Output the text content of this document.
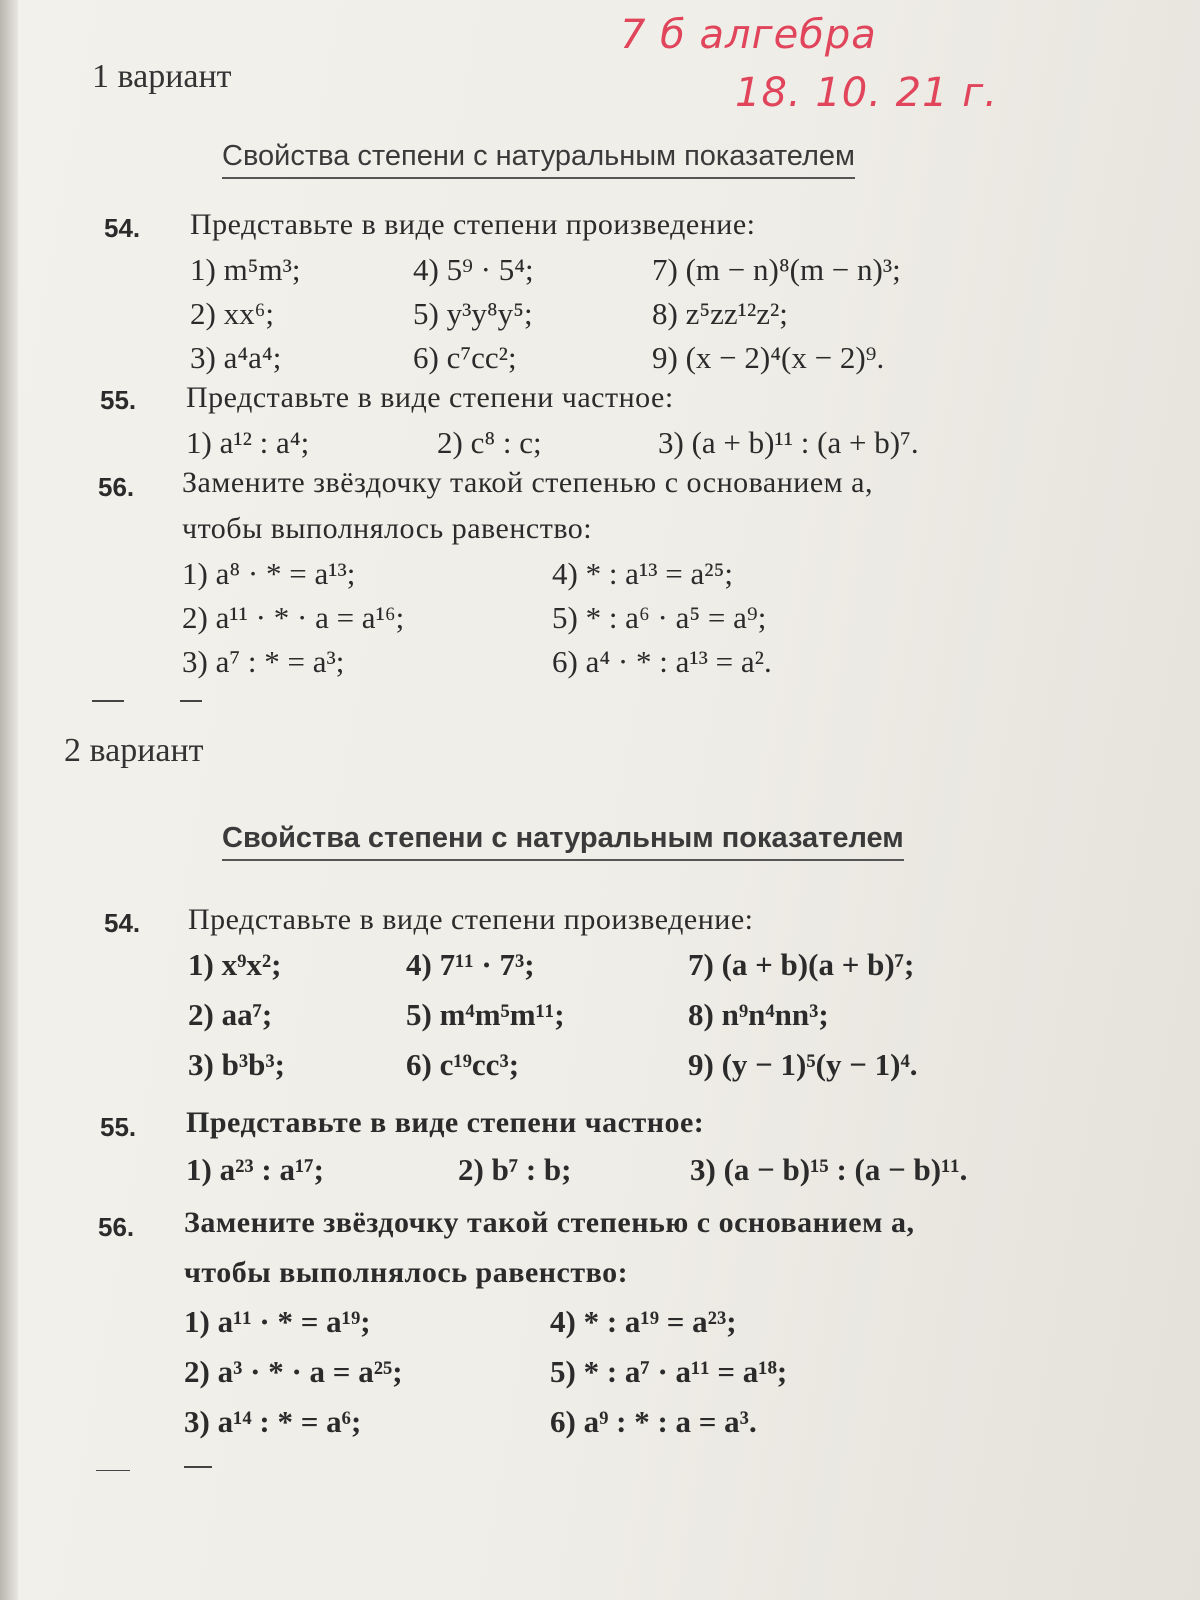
7 б алгебра
18. 10. 21 г.
1 вариант
Свойства степени с натуральным показателем
54. Представьте в виде степени произведение:
1) m⁵m³;	4) 5⁹ · 5⁴;	7) (m − n)⁸(m − n)³;
2) xx⁶;	5) y³y⁸y⁵;	8) z⁵zz¹²z²;
3) a⁴a⁴;	6) c⁷cc²;	9) (x − 2)⁴(x − 2)⁹.
55. Представьте в виде степени частное:
1) a¹² : a⁴;	2) c⁸ : c;	3) (a + b)¹¹ : (a + b)⁷.
56. Замените звёздочку такой степенью с основанием a,
чтобы выполнялось равенство:
1) a⁸ · * = a¹³;	4) * : a¹³ = a²⁵;
2) a¹¹ · * · a = a¹⁶;	5) * : a⁶ · a⁵ = a⁹;
3) a⁷ : * = a³;	6) a⁴ · * : a¹³ = a².
2 вариант
Свойства степени с натуральным показателем
54. Представьте в виде степени произведение:
1) x⁹x²;	4) 7¹¹ · 7³;	7) (a + b)(a + b)⁷;
2) aa⁷;	5) m⁴m⁵m¹¹;	8) n⁹n⁴nn³;
3) b³b³;	6) c¹⁹cc³;	9) (y − 1)⁵(y − 1)⁴.
55. Представьте в виде степени частное:
1) a²³ : a¹⁷;	2) b⁷ : b;	3) (a − b)¹⁵ : (a − b)¹¹.
56. Замените звёздочку такой степенью с основанием a,
чтобы выполнялось равенство:
1) a¹¹ · * = a¹⁹;	4) * : a¹⁹ = a²³;
2) a³ · * · a = a²⁵;	5) * : a⁷ · a¹¹ = a¹⁸;
3) a¹⁴ : * = a⁶;	6) a⁹ : * : a = a³.
